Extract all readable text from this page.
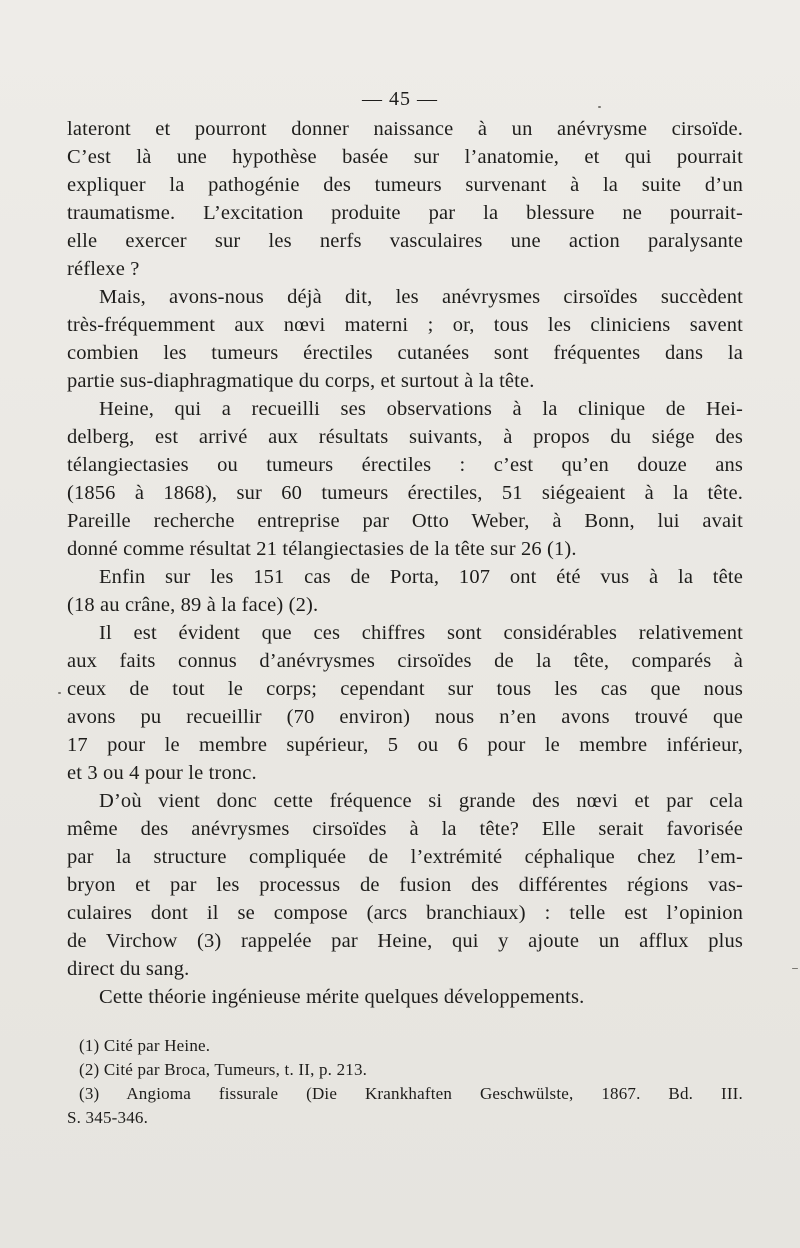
— 45 —
lateront et pourront donner naissance à un anévrysme cirsoïde.
C’est là une hypothèse basée sur l’anatomie, et qui pourrait
expliquer la pathogénie des tumeurs survenant à la suite d’un
traumatisme. L’excitation produite par la blessure ne pourrait-
elle exercer sur les nerfs vasculaires une action paralysante
réflexe ?
Mais, avons-nous déjà dit, les anévrysmes cirsoïdes succèdent
très-fréquemment aux nœvi materni ; or, tous les cliniciens savent
combien les tumeurs érectiles cutanées sont fréquentes dans la
partie sus-diaphragmatique du corps, et surtout à la tête.
Heine, qui a recueilli ses observations à la clinique de Hei-
delberg, est arrivé aux résultats suivants, à propos du siége des
télangiectasies ou tumeurs érectiles : c’est qu’en douze ans
(1856 à 1868), sur 60 tumeurs érectiles, 51 siégeaient à la tête.
Pareille recherche entreprise par Otto Weber, à Bonn, lui avait
donné comme résultat 21 télangiectasies de la tête sur 26 (1).
Enfin sur les 151 cas de Porta, 107 ont été vus à la tête
(18 au crâne, 89 à la face) (2).
Il est évident que ces chiffres sont considérables relativement
aux faits connus d’anévrysmes cirsoïdes de la tête, comparés à
ceux de tout le corps; cependant sur tous les cas que nous
avons pu recueillir (70 environ) nous n’en avons trouvé que
17 pour le membre supérieur, 5 ou 6 pour le membre inférieur,
et 3 ou 4 pour le tronc.
D’où vient donc cette fréquence si grande des nœvi et par cela
même des anévrysmes cirsoïdes à la tête? Elle serait favorisée
par la structure compliquée de l’extrémité céphalique chez l’em-
bryon et par les processus de fusion des différentes régions vas-
culaires dont il se compose (arcs branchiaux) : telle est l’opinion
de Virchow (3) rappelée par Heine, qui y ajoute un afflux plus
direct du sang.
Cette théorie ingénieuse mérite quelques développements.
(1) Cité par Heine.
(2) Cité par Broca, Tumeurs, t. II, p. 213.
(3) Angioma fissurale (Die Krankhaften Geschwülste, 1867. Bd. III.
S. 345-346.
